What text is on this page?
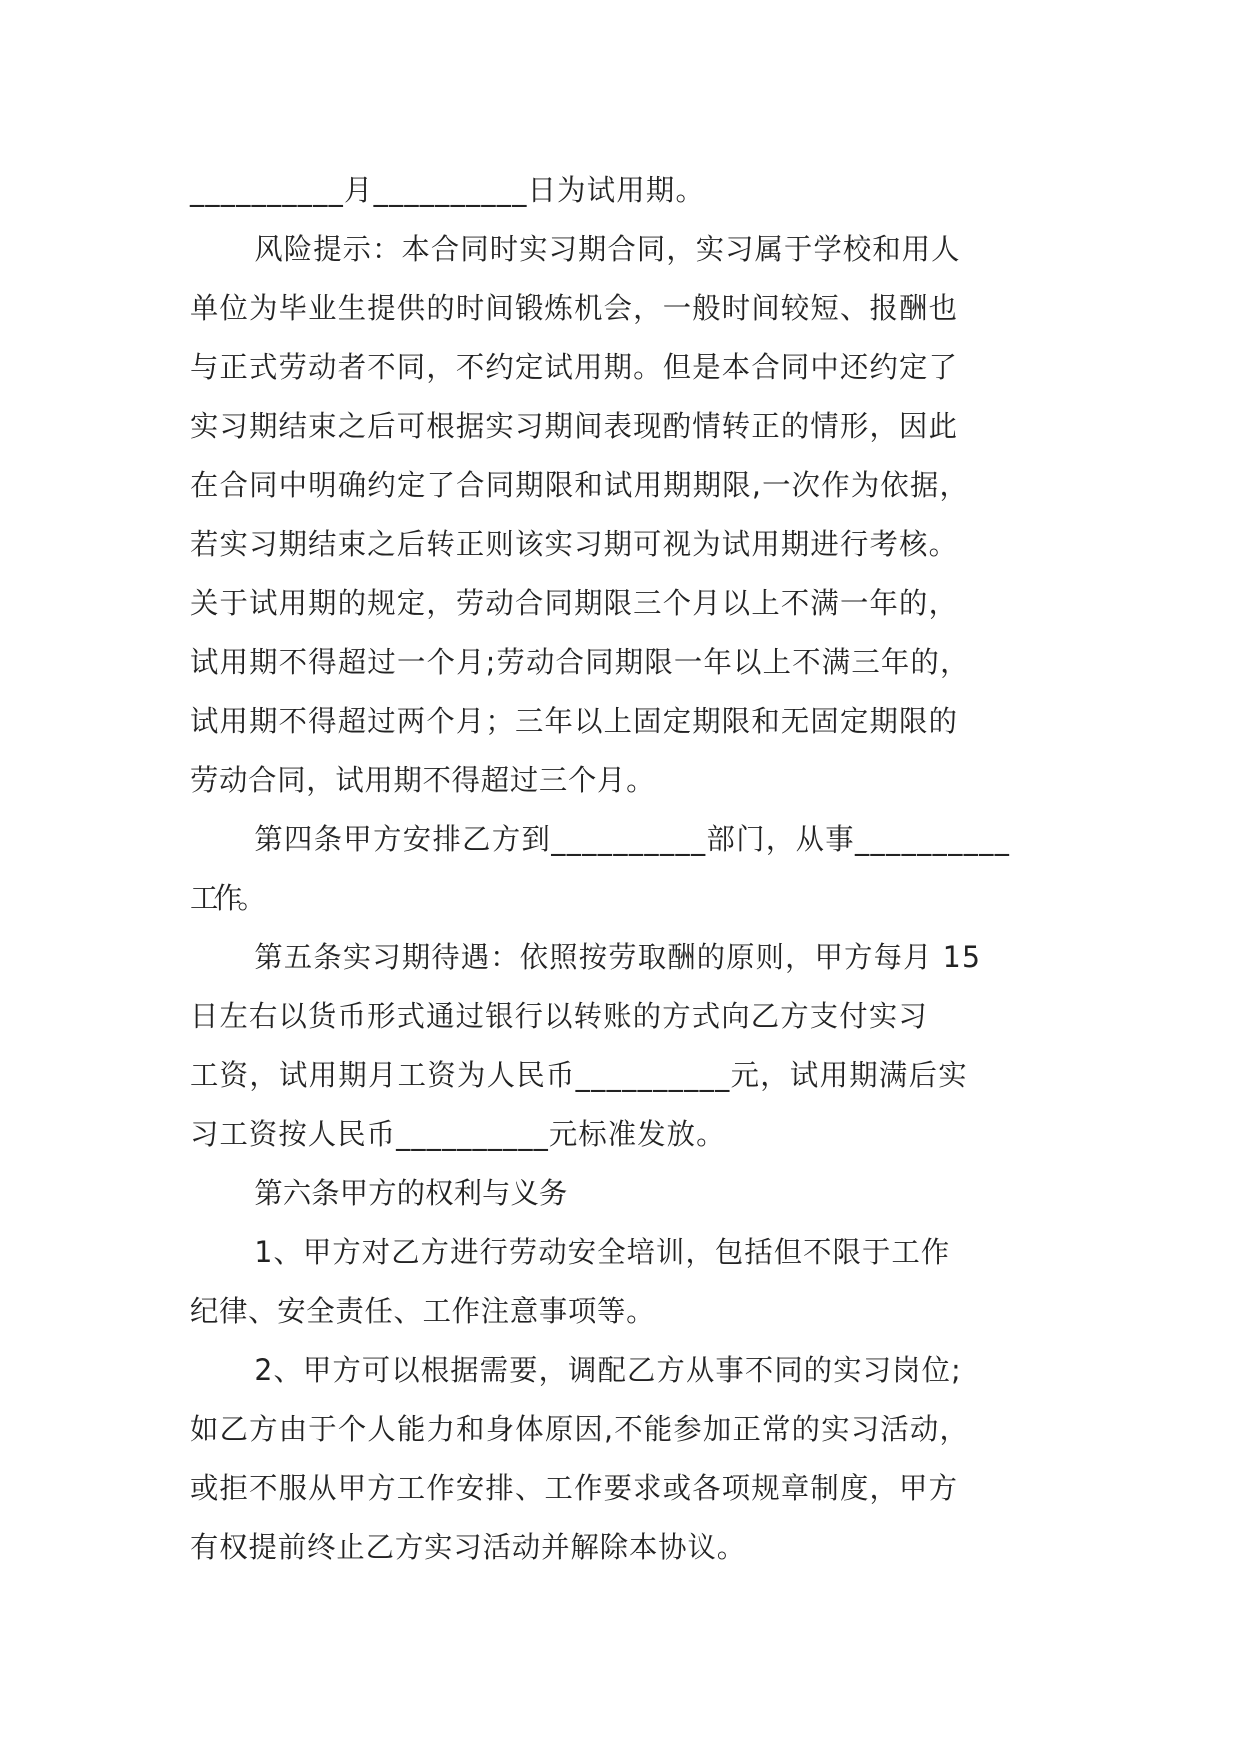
__________月__________日为试用期。
风险提示：本合同时实习期合同，实习属于学校和用人
单位为毕业生提供的时间锻炼机会，一般时间较短、报酬也
与正式劳动者不同，不约定试用期。但是本合同中还约定了
实习期结束之后可根据实习期间表现酌情转正的情形，因此
在合同中明确约定了合同期限和试用期期限,一次作为依据，
若实习期结束之后转正则该实习期可视为试用期进行考核。
关于试用期的规定，劳动合同期限三个月以上不满一年的，
试用期不得超过一个月;劳动合同期限一年以上不满三年的，
试用期不得超过两个月；三年以上固定期限和无固定期限的
劳动合同，试用期不得超过三个月。
第四条甲方安排乙方到__________部门，从事__________
工作。
第五条实习期待遇：依照按劳取酬的原则，甲方每月 15
日左右以货币形式通过银行以转账的方式向乙方支付实习
工资，试用期月工资为人民币__________元，试用期满后实
习工资按人民币__________元标准发放。
第六条甲方的权利与义务
1、甲方对乙方进行劳动安全培训，包括但不限于工作
纪律、安全责任、工作注意事项等。
2、甲方可以根据需要，调配乙方从事不同的实习岗位;
如乙方由于个人能力和身体原因,不能参加正常的实习活动，
或拒不服从甲方工作安排、工作要求或各项规章制度，甲方
有权提前终止乙方实习活动并解除本协议。
